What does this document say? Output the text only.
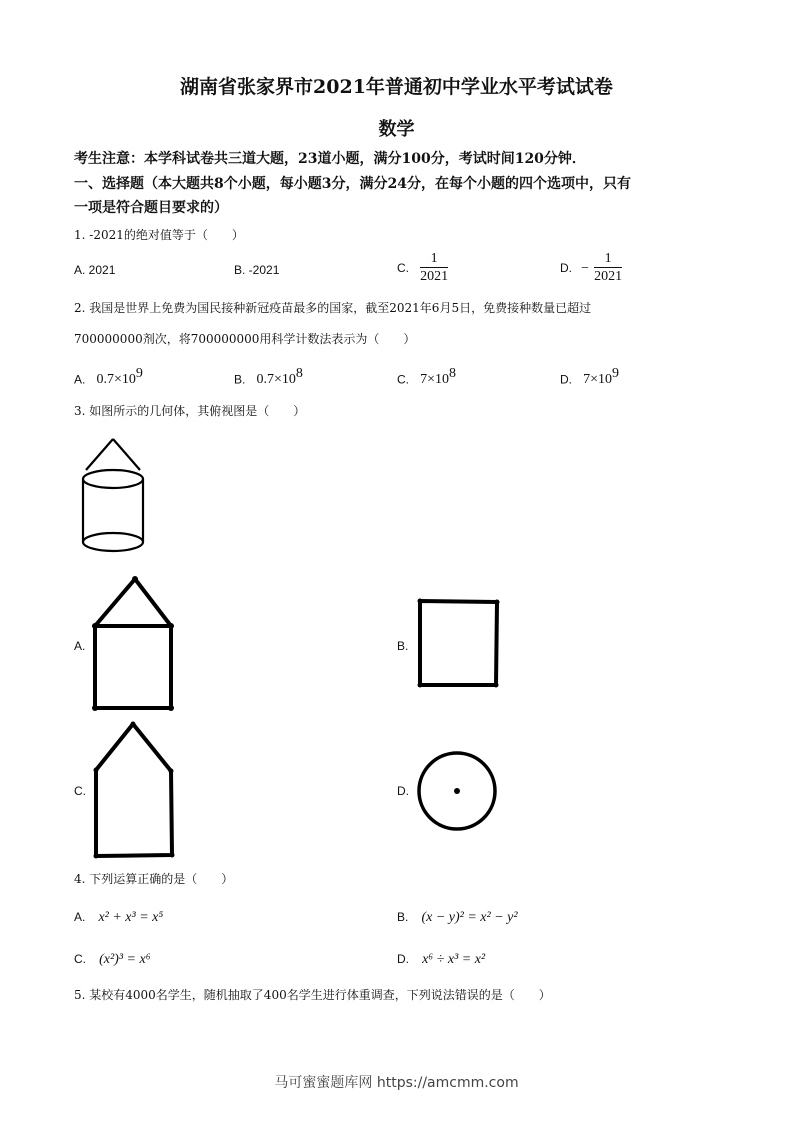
湖南省张家界市2021年普通初中学业水平考试试卷
数学
考生注意：本学科试卷共三道大题，23道小题，满分100分，考试时间120分钟．
一、选择题（本大题共8个小题，每小题3分，满分24分，在每个小题的四个选项中，只有
一项是符合题目要求的）
1. -2021的绝对值等于（　　）
A. 2021	B. -2021	C. $\frac{1}{2021}$	D. − $\frac{1}{2021}$
2. 我国是世界上免费为国民接种新冠疫苗最多的国家，截至2021年6月5日，免费接种数量已超过
700000000剂次，将700000000用科学计数法表示为（　　）
A. $0.7\times 10^9$	B. $0.7\times 10^8$	C. $7\times 10^8$	D. $7\times 10^9$
3. 如图所示的几何体，其俯视图是（　　）
A.	B.
C.	D.
4. 下列运算正确的是（　　）
A. x² + x³ = x⁵	B. (x − y)² = x² − y²
C. (x²)³ = x⁶	D. x⁶ ÷ x³ = x²
5. 某校有4000名学生，随机抽取了400名学生进行体重调查，下列说法错误的是（　　）
马可蜜蜜题库网 https://amcmm.com
